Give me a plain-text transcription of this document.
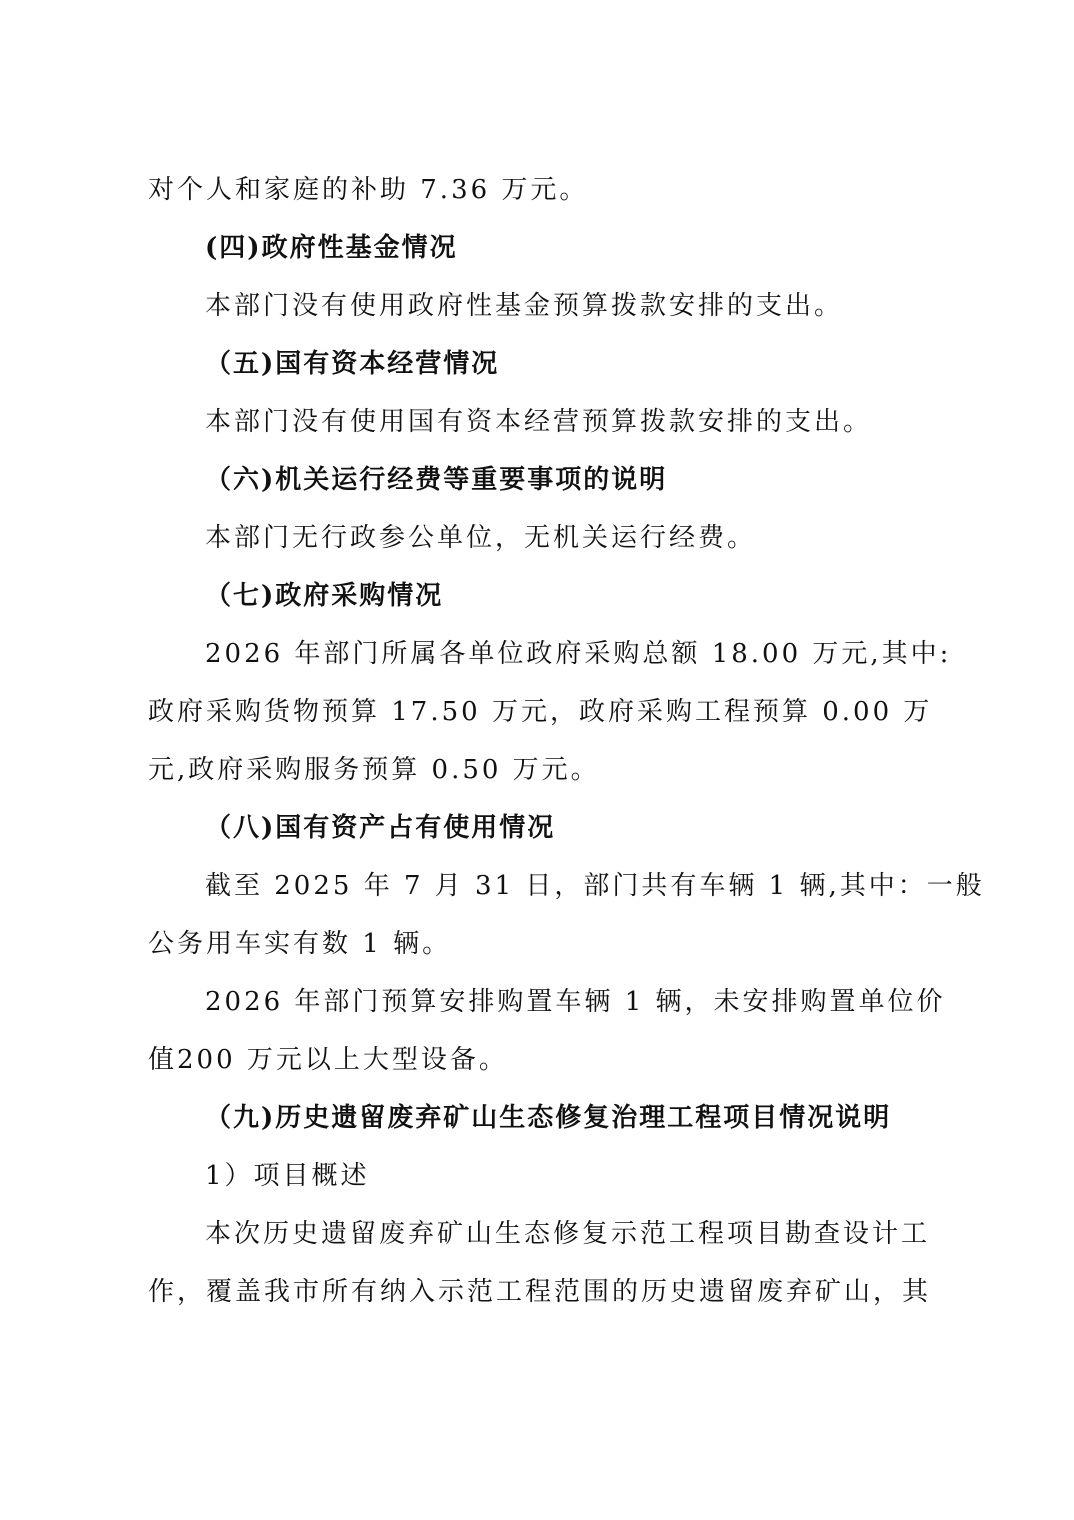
对个人和家庭的补助 7.36 万元。
(四)政府性基金情况
本部门没有使用政府性基金预算拨款安排的支出。
（五)国有资本经营情况
本部门没有使用国有资本经营预算拨款安排的支出。
（六)机关运行经费等重要事项的说明
本部门无行政参公单位，无机关运行经费。
（七)政府采购情况
2026 年部门所属各单位政府采购总额 18.00 万元,其中:
政府采购货物预算 17.50 万元，政府采购工程预算 0.00 万
元,政府采购服务预算 0.50 万元。
（八)国有资产占有使用情况
截至 2025 年 7 月 31 日，部门共有车辆 1 辆,其中：一般
公务用车实有数 1 辆。
2026 年部门预算安排购置车辆 1 辆，未安排购置单位价
值200 万元以上大型设备。
（九)历史遗留废弃矿山生态修复治理工程项目情况说明
1）项目概述
本次历史遗留废弃矿山生态修复示范工程项目勘查设计工
作，覆盖我市所有纳入示范工程范围的历史遗留废弃矿山，其
